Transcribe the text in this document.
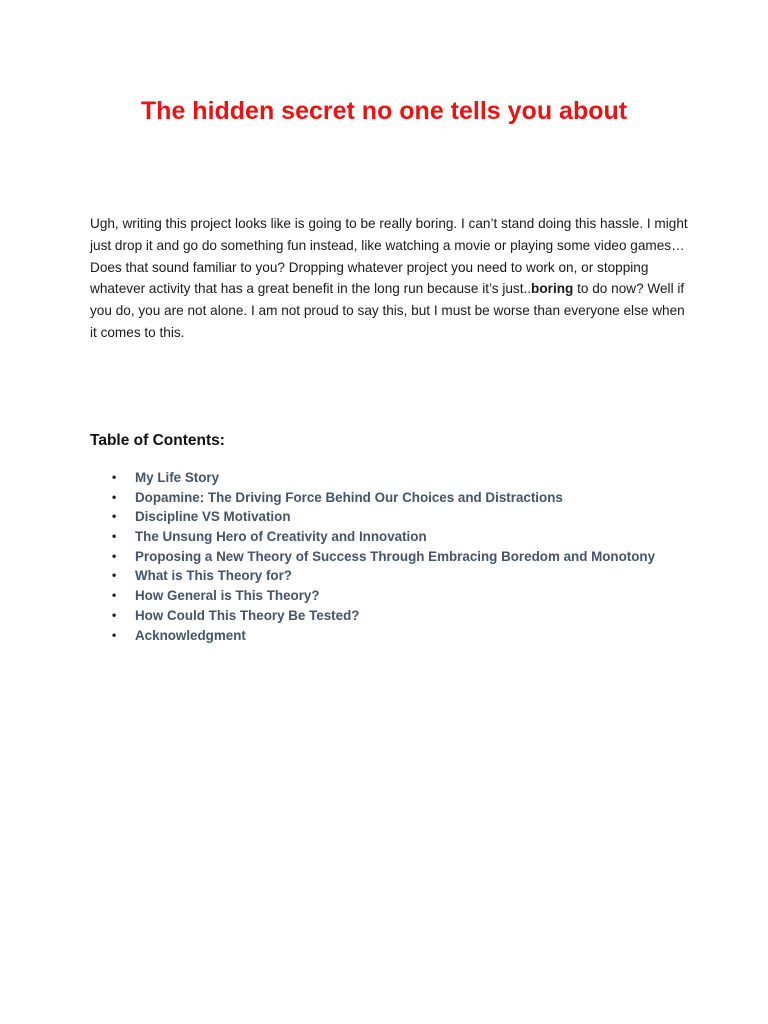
The hidden secret no one tells you about

Ugh, writing this project looks like is going to be really boring. I can’t stand doing this hassle. I might just drop it and go do something fun instead, like watching a movie or playing some video games…

Does that sound familiar to you? Dropping whatever project you need to work on, or stopping whatever activity that has a great benefit in the long run because it’s just..boring to do now? Well if you do, you are not alone. I am not proud to say this, but I must be worse than everyone else when it comes to this.

Table of Contents:
• My Life Story
• Dopamine: The Driving Force Behind Our Choices and Distractions
• Discipline VS Motivation
• The Unsung Hero of Creativity and Innovation
• Proposing a New Theory of Success Through Embracing Boredom and Monotony
• What is This Theory for?
• How General is This Theory?
• How Could This Theory Be Tested?
• Acknowledgment
